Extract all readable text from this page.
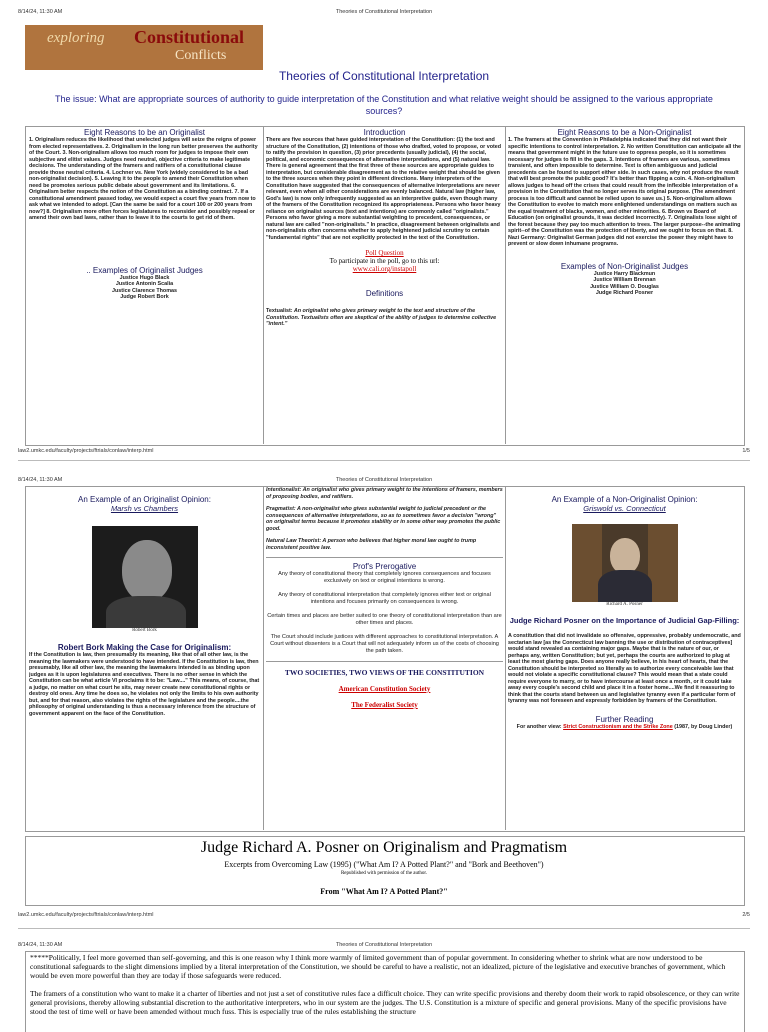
8/14/24, 11:30 AM	Theories of Constitutional Interpretation
exploring Constitutional
Conflicts
Theories of Constitutional Interpretation
The issue: What are appropriate sources of authority to guide interpretation of the Constitution and what relative weight should be assigned to the various appropriate sources?
Eight Reasons to be an Originalist

1. Originalism reduces the likelihood that unelected judges will seize the reigns of power from elected representatives. 2. Originalism in the long run better preserves the authority of the Court. 3. Non-originalism allows too much room for judges to impose their own subjective and elitist values. Judges need neutral, objective criteria to make legitimate decisions. The understanding of the framers and ratifiers of a constitutional clause provide those neutral criteria. 4. Lochner vs. New York (widely considered to be a bad non-originalist decision). 5. Leaving it to the people to amend their Constitution when need be promotes serious public debate about government and its limitations. 6. Originalism better respects the notion of the Constitution as a binding contract. 7. If a constitutional amendment passed today, we would expect a court five years from now to ask what we intended to adopt. [Can the same be said for a court 100 or 200 years from now?] 8. Originalism more often forces legislatures to reconsider and possibly repeal or amend their own bad laws, rather than to leave it to the courts to get rid of them.

.. Examples of Originalist Judges
Justice Hugo Black
Justice Antonin Scalia
Justice Clarence Thomas
Judge Robert Bork
Introduction

There are five sources that have guided interpretation of the Constitution: (1) the text and structure of the Constitution, (2) intentions of those who drafted, voted to propose, or voted to ratify the provision in question, (3) prior precedents (usually judicial), (4) the social, political, and economic consequences of alternative interpretations, and (5) natural law. There is general agreement that the first three of these sources are appropriate guides to interpretation, but considerable disagreement as to the relative weight that should be given to the three sources when they point in different directions. Many interpreters of the Constitution have suggested that the consequences of alternative interpretations are never relevant, even when all other considerations are evenly balanced. Natural law (higher law, God's law) is now only infrequently suggested as an interpretive guide, even though many of the framers of the Constitution recognized its appropriateness. Persons who favor heavy reliance on originalist sources (text and intentions) are commonly called "originalists." Persons who favor giving a more substantial weighting to precedent, consequences, or natural law are called "non-originalists." In practice, disagreement between originalists and non-originalists often concerns whether to apply heightened judicial scrutiny to certain "fundamental rights" that are not explicitly protected in the text of the Constitution.

Poll Question
To participate in the poll, go to this url:
www.cali.org/instapoll
Definitions

Textualist: An originalist who gives primary weight to the text and structure of the Constitution. Textualists often are skeptical of the ability of judges to determine collective "intent."

Eight Reasons to be a Non-Originalist

1. The framers at the Convention in Philadelphia indicated that they did not want their specific intentions to control interpretation. 2. No written Constitution can anticipate all the means that government might in the future use to oppress people, so it is sometimes necessary for judges to fill in the gaps. 3. Intentions of framers are various, sometimes transient, and often impossible to determine. Text is often ambiguous and judicial precedents can be found to support either side. In such cases, why not produce the result that will best promote the public good? It's better than flipping a coin. 4. Non-originalism allows judges to head off the crises that could result from the inflexible interpretation of a provision in the Constitution that no longer serves its original purpose. (The amendment process is too difficult and cannot be relied upon to save us.) 5. Non-originalism allows the Constitution to evolve to match more enlightened understandings on matters such as the equal treatment of blacks, women, and other minorities. 6. Brown vs Board of Education (on originalist grounds, it was decided incorrectly). 7. Originalists lose sight of the forest because they pay too much attention to trees. The larger purpose--the animating spirit--of the Constitution was the protection of liberty, and we ought to focus on that. 8. Nazi Germany: Originalist German judges did not exercise the power they might have to prevent or slow down inhumane programs.

Examples of Non-Originalist Judges
Justice Harry Blackmun
Justice William Brennan
Justice William O. Douglas
Judge Richard Posner
law2.umkc.edu/faculty/projects/ftrials/conlaw/interp.html	1/5
8/14/24, 11:30 AM	Theories of Constitutional Interpretation
An Example of an Originalist Opinion:
Marsh vs Chambers
Robert Bork
Robert Bork Making the Case for Originalism:

If the Constitution is law, then presumably its meaning, like that of all other law, is the meaning the lawmakers were understood to have intended. If the Constitution is law, then presumably, like all other law, the meaning the lawmakers intended is as binding upon judges as it is upon legislatures and executives. There is no other sense in which the Constitution can be what article VI proclaims it to be: "Law...." This means, of course, that a judge, no matter on what court he sits, may never create new constitutional rights or destroy old ones. Any time he does so, he violates not only the limits to his own authority but, and for that reason, also violates the rights of the legislature and the people....the philosophy of original understanding is thus a necessary inference from the structure of government apparent on the face of the Constitution.

Intentionalist: An originalist who gives primary weight to the intentions of framers, members of proposing bodies, and ratifiers.

Pragmatist: A non-originalist who gives substantial weight to judicial precedent or the consequences of alternative interpretations, so as to sometimes favor a decision "wrong" on originalist terms because it promotes stability or in some other way promotes the public good.

Natural Law Theorist: A person who believes that higher moral law ought to trump inconsistent positive law.

Prof's Prerogative
Any theory of constitutional theory that completely ignores consequences and focuses exclusively on text or original intentions is wrong.
Any theory of constitutional interpretation that completely ignores either text or original intentions and focuses primarily on consequences is wrong.
Certain times and places are better suited to one theory of constitutional interpretation than are other times and places.
The Court should include justices with different approaches to constitutional interpretation. A Court without dissenters is a Court that will not adequately inform us of the costs of choosing the path taken.
TWO SOCIETIES, TWO VIEWS OF THE CONSTITUTION
American Constitution Society
The Federalist Society
An Example of a Non-Originalist Opinion:
Griswold vs. Connecticut
Richard A. Posner
Judge Richard Posner on the Importance of Judicial Gap-Filling:

A constitution that did not invalidate so offensive, oppressive, probably undemocratic, and sectarian law [as the Connecticut law banning the use or distribution of contraceptives] would stand revealed as containing major gaps. Maybe that is the nature of our, or perhaps any, written Constitution; but yet, perhaps the courts are authorized to plug at least the most glaring gaps. Does anyone really believe, in his heart of hearts, that the Constitution should be interpreted so literally as to authorize every conceivable law that would not violate a specific constitutional clause? This would mean that a state could require everyone to marry, or to have intercourse at least once a month, or it could take away every couple's second child and place it in a foster home....We find it reassuring to think that the courts stand between us and legislative tyranny even if a particular form of tyranny was not foreseen and expressly forbidden by framers of the Constitution.

Further Reading

For another view: Strict Constructionism and the Strike Zone (1987, by Doug Linder)

Judge Richard A. Posner on Originalism and Pragmatism
Excerpts from Overcoming Law (1995) ("What Am I? A Potted Plant?" and "Bork and Beethoven")
Republished with permission of the author.
From "What Am I? A Potted Plant?"
law2.umkc.edu/faculty/projects/ftrials/conlaw/interp.html	2/5
8/14/24, 11:30 AM	Theories of Constitutional Interpretation
*****Politically, I feel more governed than self-governing, and this is one reason why I think more warmly of limited government than of popular government. In considering whether to shrink what are now understood to be constitutional safeguards to the slight dimensions implied by a literal interpretation of the Constitution, we should be careful to have a realistic, not an idealized, picture of the legislative and executive branches of government, which would be even more powerful than they are today if those safeguards were reduced.
The framers of a constitution who want to make it a charter of liberties and not just a set of constitutive rules face a difficult choice. They can write specific provisions and thereby doom their work to rapid obsolescence, or they can write general provisions, thereby allowing substantial discretion to the authoritative interpreters, who in our system are the judges. The U.S. Constitution is a mixture of specific and general provisions. Many of the specific provisions have stood the test of time well or have been amended without much fuss. This is especially true of the rules establishing the structure
